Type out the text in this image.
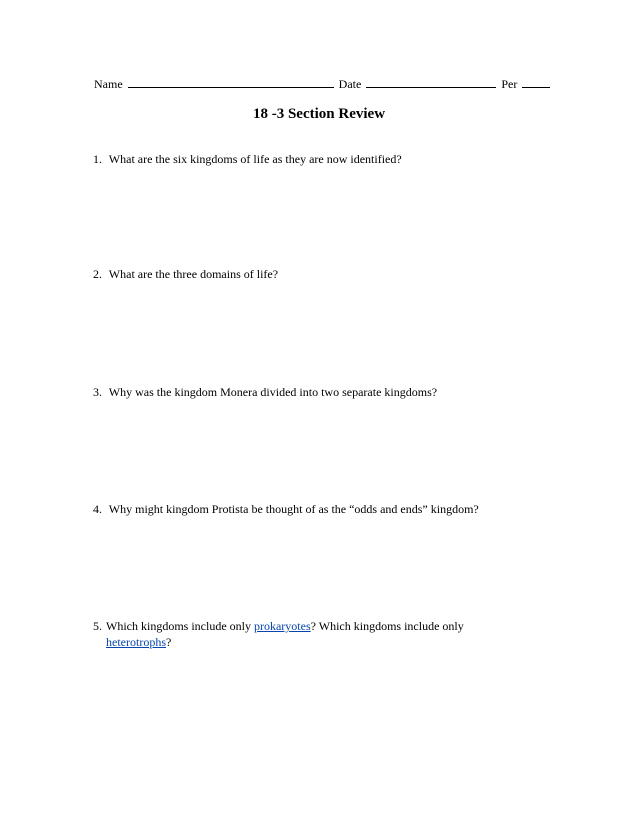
Name	Date	Per
18 -3 Section Review
1. What are the six kingdoms of life as they are now identified?
2. What are the three domains of life?
3. Why was the kingdom Monera divided into two separate kingdoms?
4. Why might kingdom Protista be thought of as the “odds and ends” kingdom?
5. Which kingdoms include only prokaryotes? Which kingdoms include only
heterotrophs?
